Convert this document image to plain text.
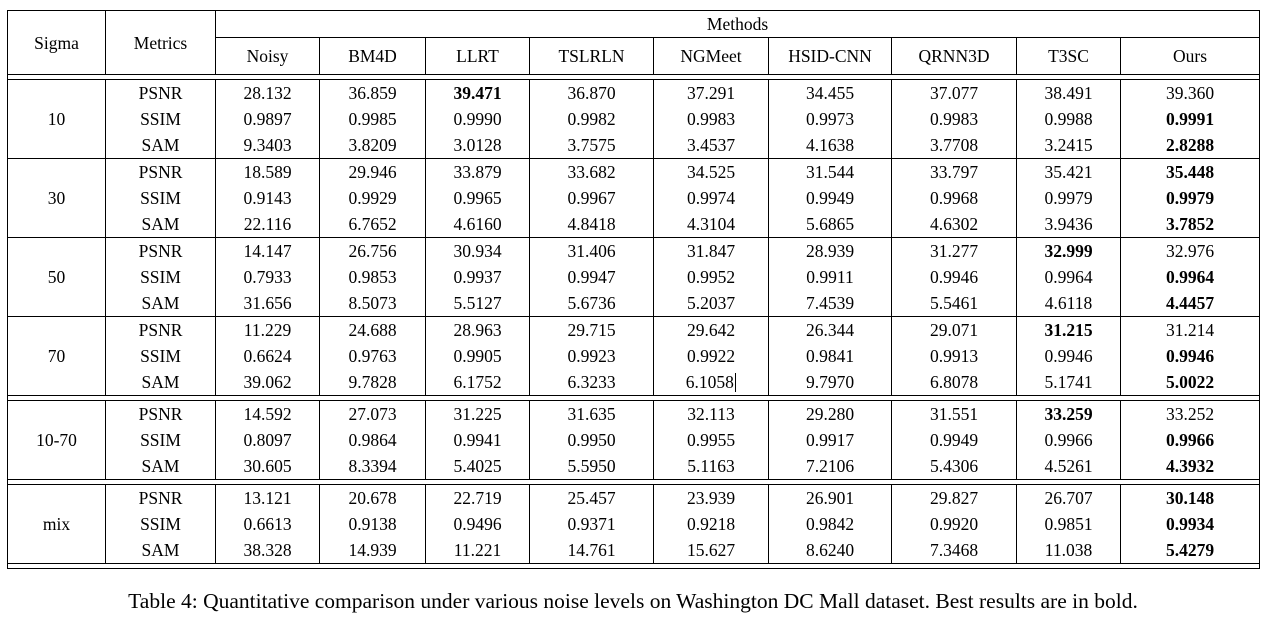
Sigma	Metrics	Methods								
		Noisy	BM4D	LLRT	TSLRLN	NGMeet	HSID-CNN	QRNN3D	T3SC	Ours

10	PSNR	28.132	36.859	39.471	36.870	37.291	34.455	37.077	38.491	39.360
	SSIM	0.9897	0.9985	0.9990	0.9982	0.9983	0.9973	0.9983	0.9988	0.9991
	SAM	9.3403	3.8209	3.0128	3.7575	3.4537	4.1638	3.7708	3.2415	2.8288

30	PSNR	18.589	29.946	33.879	33.682	34.525	31.544	33.797	35.421	35.448
	SSIM	0.9143	0.9929	0.9965	0.9967	0.9974	0.9949	0.9968	0.9979	0.9979
	SAM	22.116	6.7652	4.6160	4.8418	4.3104	5.6865	4.6302	3.9436	3.7852

50	PSNR	14.147	26.756	30.934	31.406	31.847	28.939	31.277	32.999	32.976
	SSIM	0.7933	0.9853	0.9937	0.9947	0.9952	0.9911	0.9946	0.9964	0.9964
	SAM	31.656	8.5073	5.5127	5.6736	5.2037	7.4539	5.5461	4.6118	4.4457

70	PSNR	11.229	24.688	28.963	29.715	29.642	26.344	29.071	31.215	31.214
	SSIM	0.6624	0.9763	0.9905	0.9923	0.9922	0.9841	0.9913	0.9946	0.9946
	SAM	39.062	9.7828	6.1752	6.3233	6.1058	9.7970	6.8078	5.1741	5.0022

10-70	PSNR	14.592	27.073	31.225	31.635	32.113	29.280	31.551	33.259	33.252
	SSIM	0.8097	0.9864	0.9941	0.9950	0.9955	0.9917	0.9949	0.9966	0.9966
	SAM	30.605	8.3394	5.4025	5.5950	5.1163	7.2106	5.4306	4.5261	4.3932

mix	PSNR	13.121	20.678	22.719	25.457	23.939	26.901	29.827	26.707	30.148
	SSIM	0.6613	0.9138	0.9496	0.9371	0.9218	0.9842	0.9920	0.9851	0.9934
	SAM	38.328	14.939	11.221	14.761	15.627	8.6240	7.3468	11.038	5.4279

Table 4: Quantitative comparison under various noise levels on Washington DC Mall dataset. Best results are in bold.
